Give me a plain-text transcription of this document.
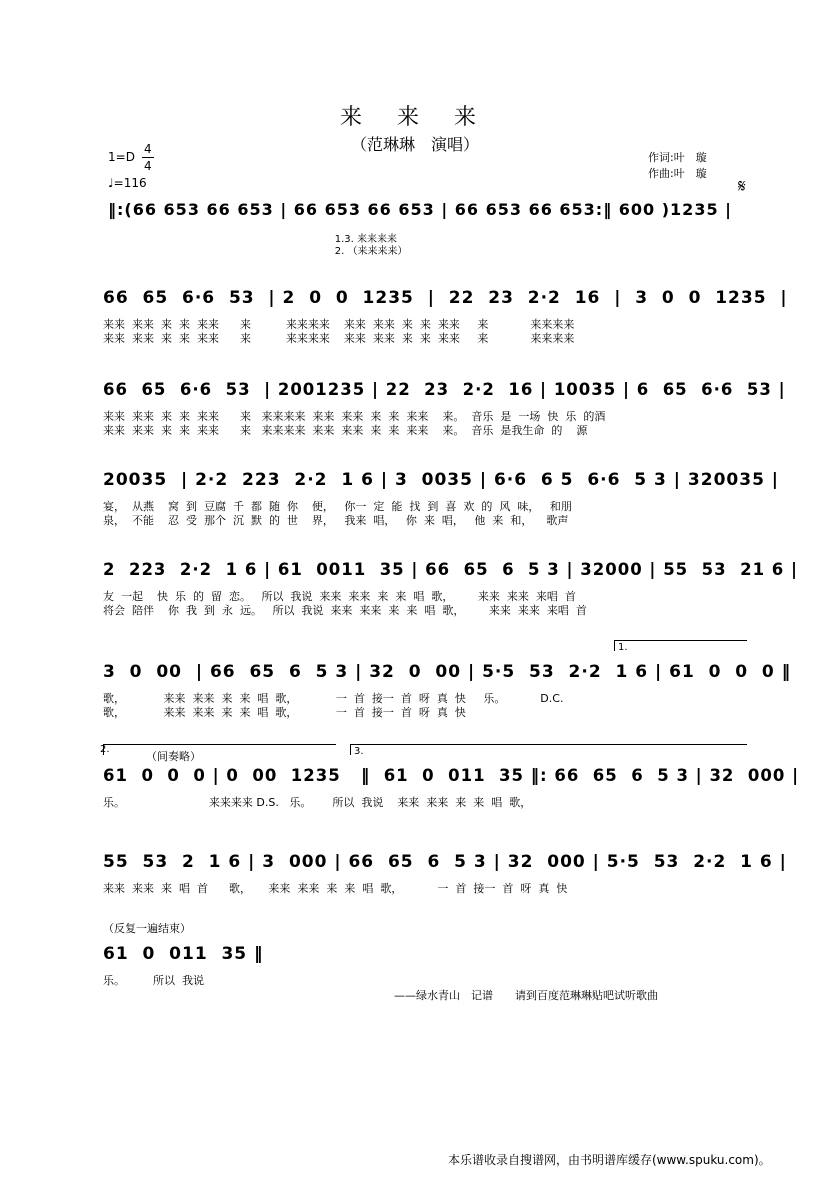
来 来 来
（范琳琳　演唱）
1=D
4
4
♩=116
作词:叶　璇
作曲:叶　璇
𝄋
‖:(66 653 66 653 | 66 653 66 653 | 66 653 66 653:‖ 600 )1235 |
1.3. 来来来来
2. （来来来来）
66  65  6·6  53  | 2  0  0  1235  |  22  23  2·2  16  |  3  0  0  1235  |
来来  来来  来  来  来来      来          来来来来    来来  来来  来  来  来来     来            来来来来
来来  来来  来  来  来来      来          来来来来    来来  来来  来  来  来来     来            来来来来
66  65  6·6  53  | 2001235 | 22  23  2·2  16 | 10035 | 6  65  6·6  53 |
来来  来来  来  来  来来      来   来来来来  来来  来来  来  来  来来    来。  音乐  是  一场  快  乐  的酒
来来  来来  来  来  来来      来   来来来来  来来  来来  来  来  来来    来。  音乐  是我生命  的    源
20035  | 2·2  223  2·2  1 6 | 3  0035 | 6·6  6 5  6·6  5 3 | 320035 |
宴，  从燕    窝  到  豆腐  千  都  随  你    便，   你一  定  能  找  到  喜  欢  的  风  味，   和朋
泉，  不能    忍  受  那个  沉  默  的  世    界，   我来  唱，   你  来  唱，   他  来  和，    歌声
2  223  2·2  1 6 | 61  0011  35 | 66  65  6  5 3 | 32000 | 55  53  21 6 |
友  一起    快  乐  的  留  恋。   所以  我说  来来  来来  来  来  唱  歌，       来来  来来  来唱  首
将会  陪伴    你  我  到  永  远。   所以  我说  来来  来来  来  来  唱  歌，       来来  来来  来唱  首
1.
3  0  00  | 66  65  6  5 3 | 32  0  00 | 5·5  53  2·2  1 6 | 61  0  0  0 ‖
歌，           来来  来来  来  来  唱  歌，           一  首  接一  首  呀  真  快     乐。          D.C.
歌，           来来  来来  来  来  唱  歌，           一  首  接一  首  呀  真  快
2.
（间奏略）	3.
61  0  0  0 | 0  00  1235   ‖  61  0  011  35 ‖: 66  65  6  5 3 | 32  000 |
乐。                        来来来来 D.S.   乐。      所以  我说    来来  来来  来  来  唱  歌，
55  53  2  1 6 | 3  000 | 66  65  6  5 3 | 32  000 | 5·5  53  2·2  1 6 |
来来  来来  来  唱  首      歌，     来来  来来  来  来  唱  歌，          一  首  接一  首  呀  真  快
（反复一遍结束）
61  0  011  35 ‖
乐。        所以  我说
——绿水青山　记谱　　请到百度范琳琳贴吧试听歌曲
本乐谱收录自搜谱网，由书明谱库缓存(www.spuku.com)。
